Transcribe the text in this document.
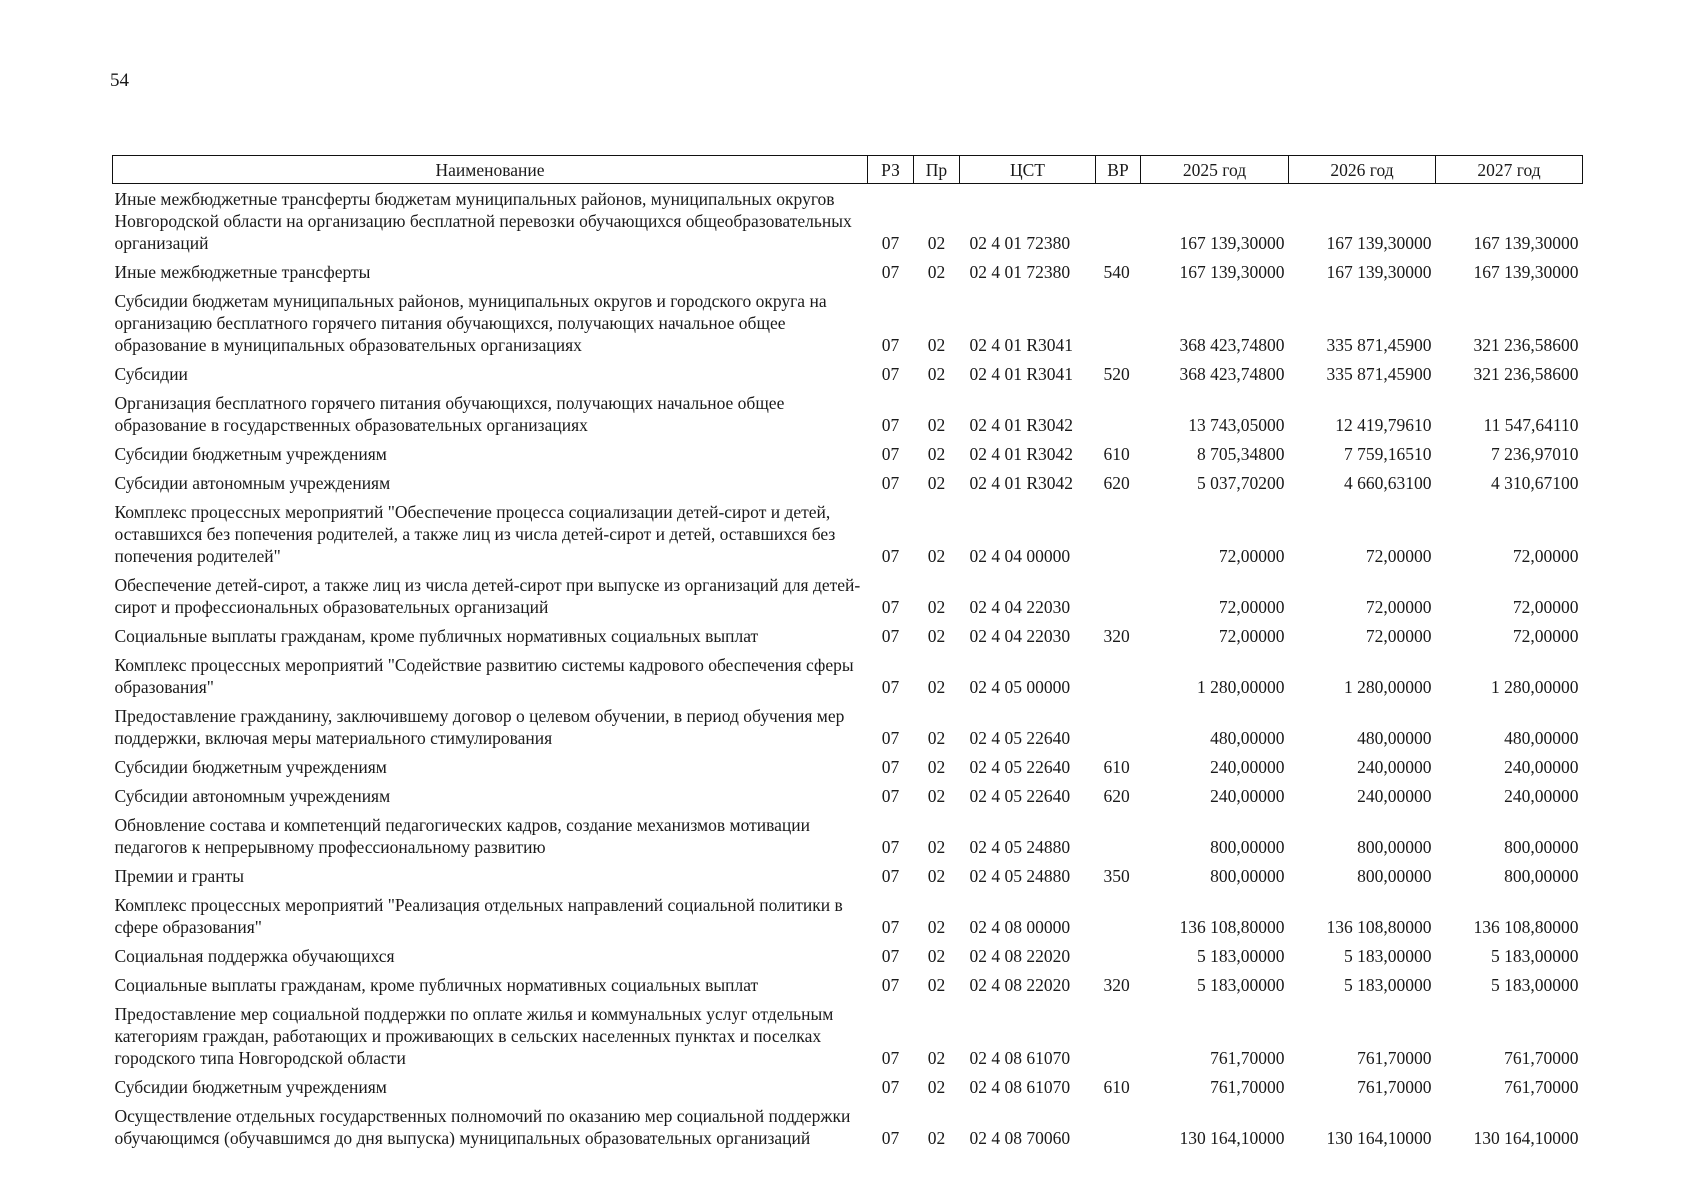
54
Наименование	РЗ	Пр	ЦСТ	ВР	2025 год	2026 год	2027 год
Иные межбюджетные трансферты бюджетам муниципальных районов, муниципальных округов Новгородской области на организацию бесплатной перевозки обучающихся общеобразовательных организаций	07	02	02 4 01 72380		167 139,30000	167 139,30000	167 139,30000
Иные межбюджетные трансферты	07	02	02 4 01 72380	540	167 139,30000	167 139,30000	167 139,30000
Субсидии бюджетам муниципальных районов, муниципальных округов и городского округа на организацию бесплатного горячего питания обучающихся, получающих начальное общее образование в муниципальных образовательных организациях	07	02	02 4 01 R3041		368 423,74800	335 871,45900	321 236,58600
Субсидии	07	02	02 4 01 R3041	520	368 423,74800	335 871,45900	321 236,58600
Организация бесплатного горячего питания обучающихся, получающих начальное общее образование в государственных образовательных организациях	07	02	02 4 01 R3042		13 743,05000	12 419,79610	11 547,64110
Субсидии бюджетным учреждениям	07	02	02 4 01 R3042	610	8 705,34800	7 759,16510	7 236,97010
Субсидии автономным учреждениям	07	02	02 4 01 R3042	620	5 037,70200	4 660,63100	4 310,67100
Комплекс процессных мероприятий "Обеспечение процесса социализации детей-сирот и детей, оставшихся без попечения родителей, а также лиц из числа детей-сирот и детей, оставшихся без попечения родителей"	07	02	02 4 04 00000		72,00000	72,00000	72,00000
Обеспечение детей-сирот, а также лиц из числа детей-сирот при выпуске из организаций для детей-сирот и профессиональных образовательных организаций	07	02	02 4 04 22030		72,00000	72,00000	72,00000
Социальные выплаты гражданам, кроме публичных нормативных социальных выплат	07	02	02 4 04 22030	320	72,00000	72,00000	72,00000
Комплекс процессных мероприятий "Содействие развитию системы кадрового обеспечения сферы образования"	07	02	02 4 05 00000		1 280,00000	1 280,00000	1 280,00000
Предоставление гражданину, заключившему договор о целевом обучении, в период обучения мер поддержки, включая меры материального стимулирования	07	02	02 4 05 22640		480,00000	480,00000	480,00000
Субсидии бюджетным учреждениям	07	02	02 4 05 22640	610	240,00000	240,00000	240,00000
Субсидии автономным учреждениям	07	02	02 4 05 22640	620	240,00000	240,00000	240,00000
Обновление состава и компетенций педагогических кадров, создание механизмов мотивации педагогов к непрерывному профессиональному развитию	07	02	02 4 05 24880		800,00000	800,00000	800,00000
Премии и гранты	07	02	02 4 05 24880	350	800,00000	800,00000	800,00000
Комплекс процессных мероприятий "Реализация отдельных направлений социальной политики в сфере образования"	07	02	02 4 08 00000		136 108,80000	136 108,80000	136 108,80000
Социальная поддержка обучающихся	07	02	02 4 08 22020		5 183,00000	5 183,00000	5 183,00000
Социальные выплаты гражданам, кроме публичных нормативных социальных выплат	07	02	02 4 08 22020	320	5 183,00000	5 183,00000	5 183,00000
Предоставление мер социальной поддержки по оплате жилья и коммунальных услуг отдельным категориям граждан, работающих и проживающих в сельских населенных пунктах и поселках городского типа Новгородской области	07	02	02 4 08 61070		761,70000	761,70000	761,70000
Субсидии бюджетным учреждениям	07	02	02 4 08 61070	610	761,70000	761,70000	761,70000
Осуществление отдельных государственных полномочий по оказанию мер социальной поддержки обучающимся (обучавшимся до дня выпуска) муниципальных образовательных организаций	07	02	02 4 08 70060		130 164,10000	130 164,10000	130 164,10000
